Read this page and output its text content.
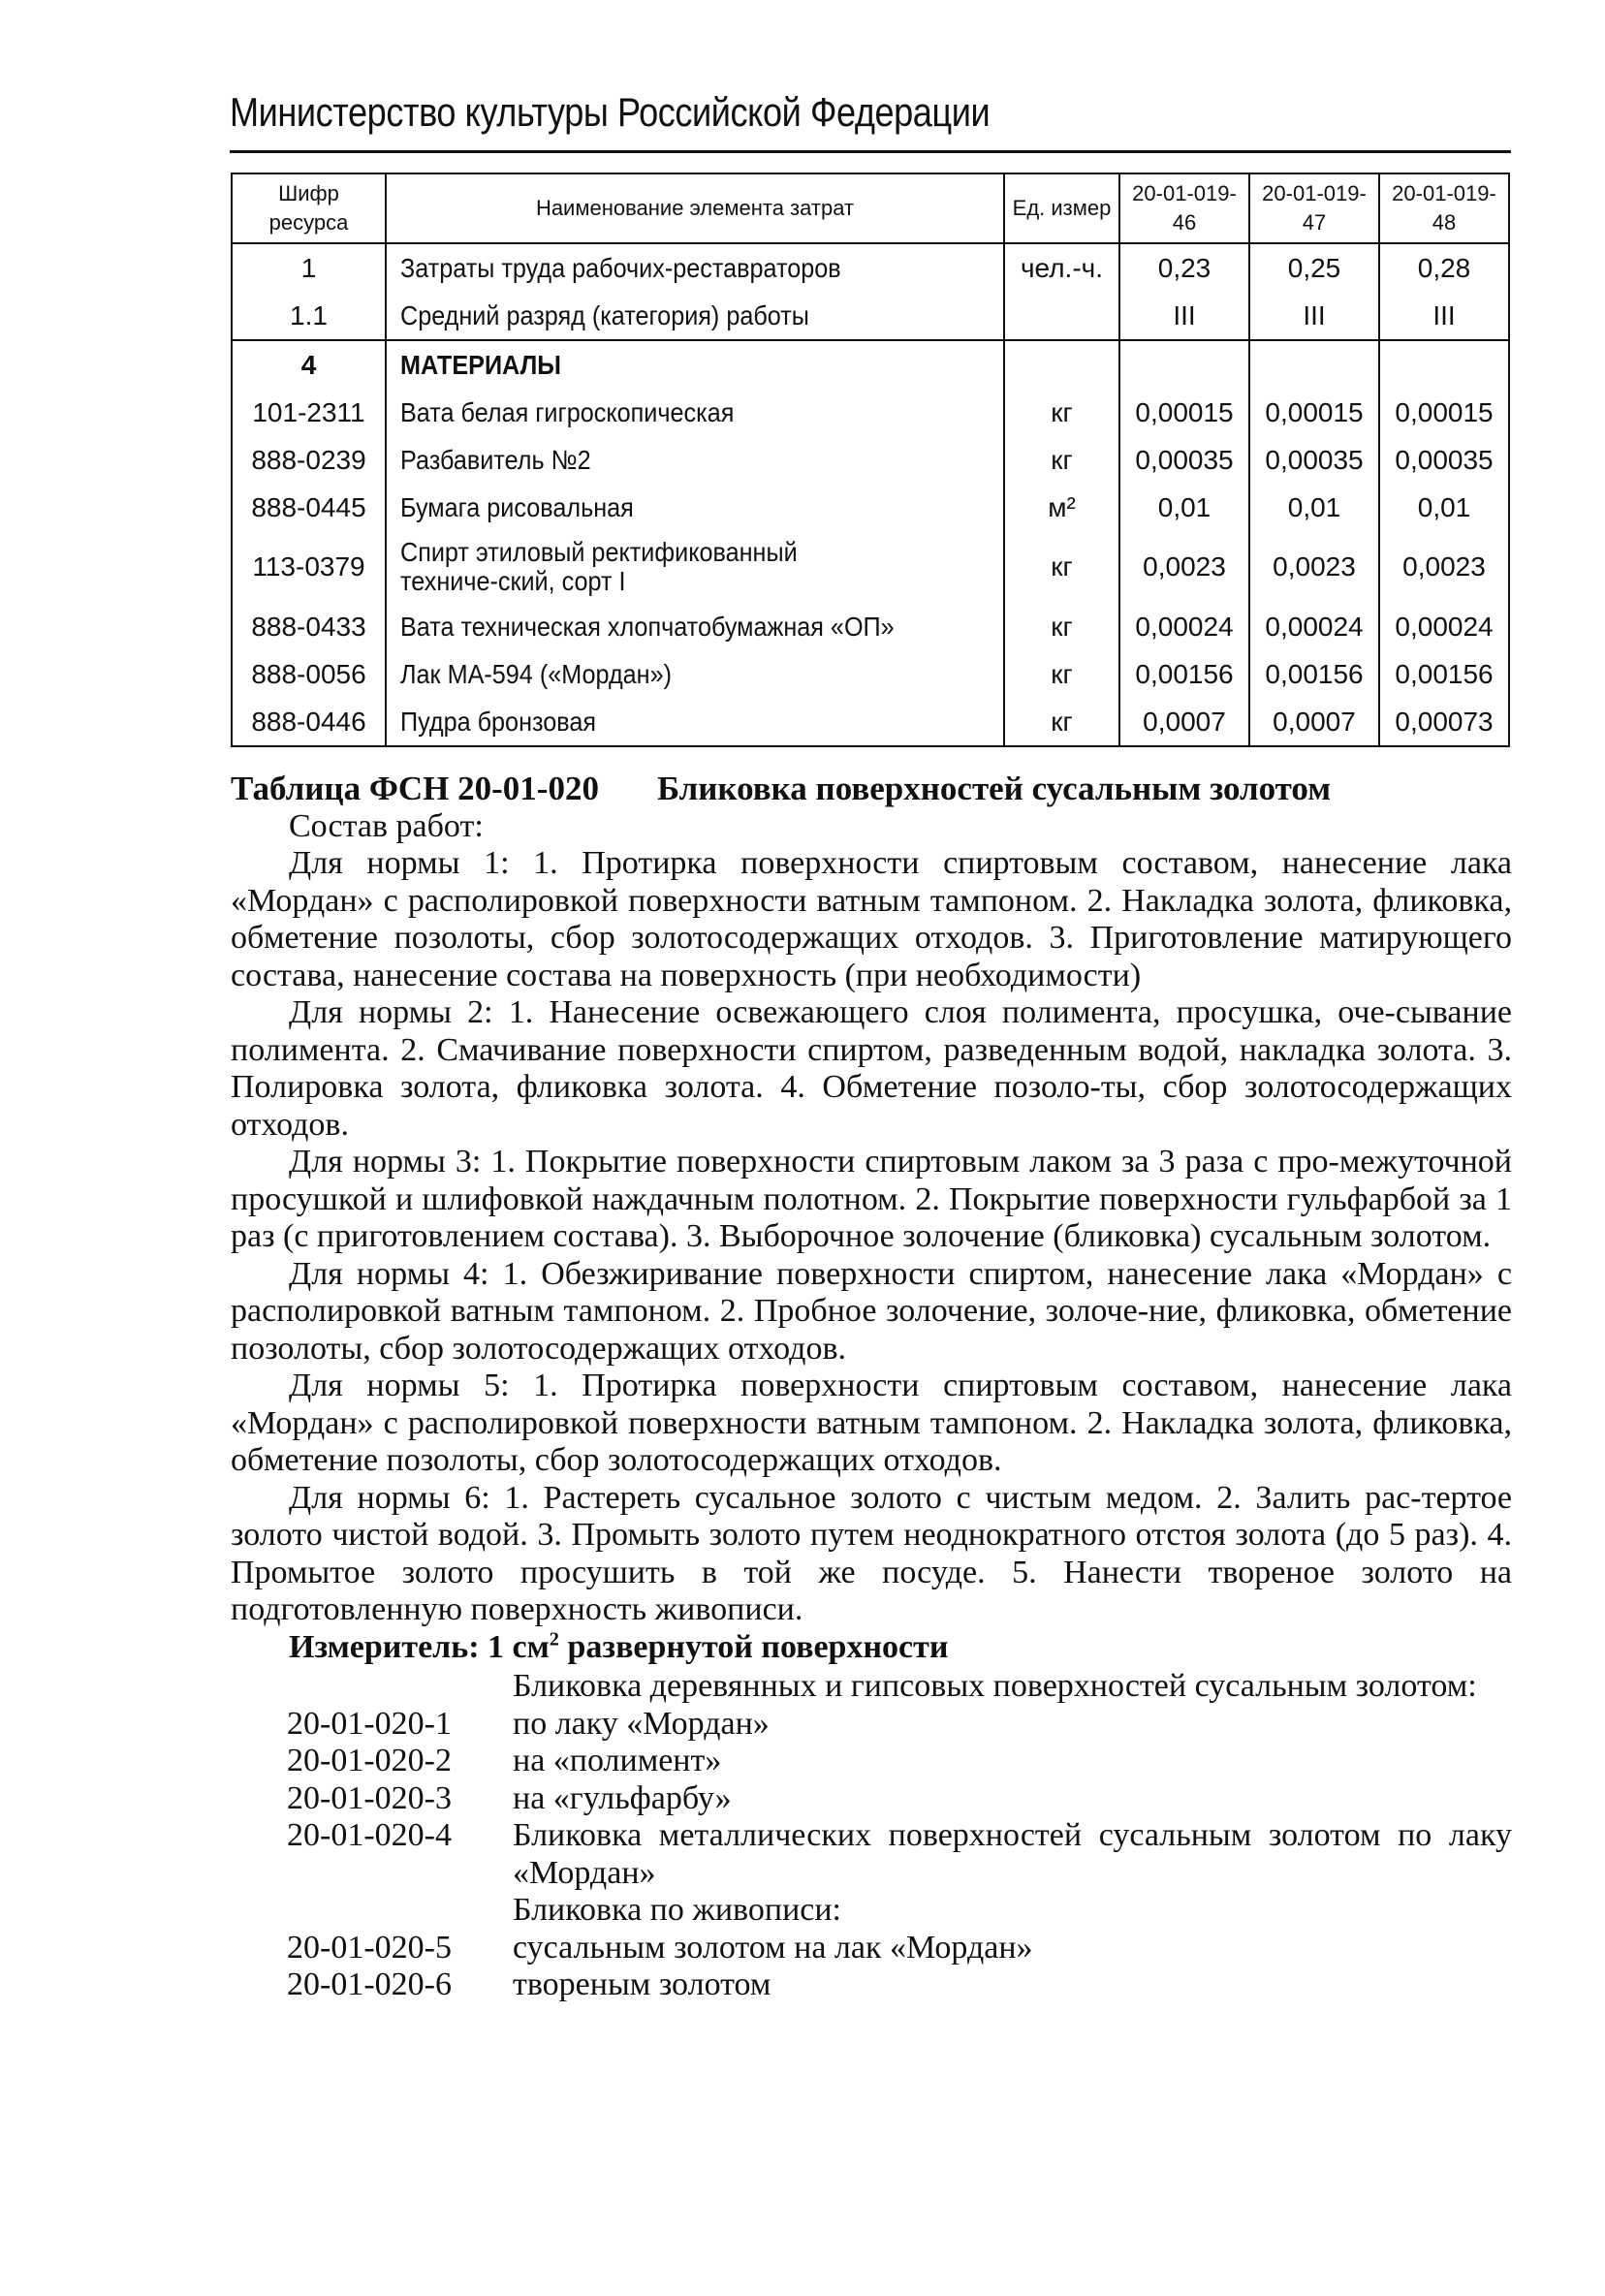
Министерство культуры Российской Федерации
Шифр ресурса	Наименование элемента затрат	Ед. измер	20-01-019-46	20-01-019-47	20-01-019-48
1	Затраты труда рабочих-реставраторов	чел.-ч.	0,23	0,25	0,28
1.1	Средний разряд (категория) работы		III	III	III
4	МАТЕРИАЛЫ				
101-2311	Вата белая гигроскопическая	кг	0,00015	0,00015	0,00015
888-0239	Разбавитель №2	кг	0,00035	0,00035	0,00035
888-0445	Бумага рисовальная	м²	0,01	0,01	0,01
113-0379	Спирт этиловый ректификованный техниче-ский, сорт I	кг	0,0023	0,0023	0,0023
888-0433	Вата техническая хлопчатобумажная «ОП»	кг	0,00024	0,00024	0,00024
888-0056	Лак МА-594 («Мордан»)	кг	0,00156	0,00156	0,00156
888-0446	Пудра бронзовая	кг	0,0007	0,0007	0,00073

Таблица ФСН 20-01-020 Бликовка поверхностей сусальным золотом

Состав работ:

Для нормы 1: 1. Протирка поверхности спиртовым составом, нанесение лака «Мордан» с располировкой поверхности ватным тампоном. 2. Накладка золота, фликовка, обметение позолоты, сбор золотосодержащих отходов. 3. Приготовление матирующего состава, нанесение состава на поверхность (при необходимости)

Для нормы 2: 1. Нанесение освежающего слоя полимента, просушка, оче-сывание полимента. 2. Смачивание поверхности спиртом, разведенным водой, накладка золота. 3. Полировка золота, фликовка золота. 4. Обметение позоло-ты, сбор золотосодержащих отходов.

Для нормы 3: 1. Покрытие поверхности спиртовым лаком за 3 раза с про-межуточной просушкой и шлифовкой наждачным полотном. 2. Покрытие поверхности гульфарбой за 1 раз (с приготовлением состава). 3. Выборочное золочение (бликовка) сусальным золотом.

Для нормы 4: 1. Обезжиривание поверхности спиртом, нанесение лака «Мордан» с располировкой ватным тампоном. 2. Пробное золочение, золоче-ние, фликовка, обметение позолоты, сбор золотосодержащих отходов.

Для нормы 5: 1. Протирка поверхности спиртовым составом, нанесение лака «Мордан» с располировкой поверхности ватным тампоном. 2. Накладка золота, фликовка, обметение позолоты, сбор золотосодержащих отходов.

Для нормы 6: 1. Растереть сусальное золото с чистым медом. 2. Залить рас-тертое золото чистой водой. 3. Промыть золото путем неоднократного отстоя золота (до 5 раз). 4. Промытое золото просушить в той же посуде. 5. Нанести твореное золото на подготовленную поверхность живописи.

Измеритель: 1 $см^2$ развернутой поверхности

Бликовка деревянных и гипсовых поверхностей сусальным золотом:
20-01-020-1	по лаку «Мордан»
20-01-020-2	на «полимент»
20-01-020-3	на «гульфарбу»
20-01-020-4	Бликовка металлических поверхностей сусальным золотом по лаку «Мордан»
Бликовка по живописи:
20-01-020-5	сусальным золотом на лак «Мордан»
20-01-020-6	твореным золотом
